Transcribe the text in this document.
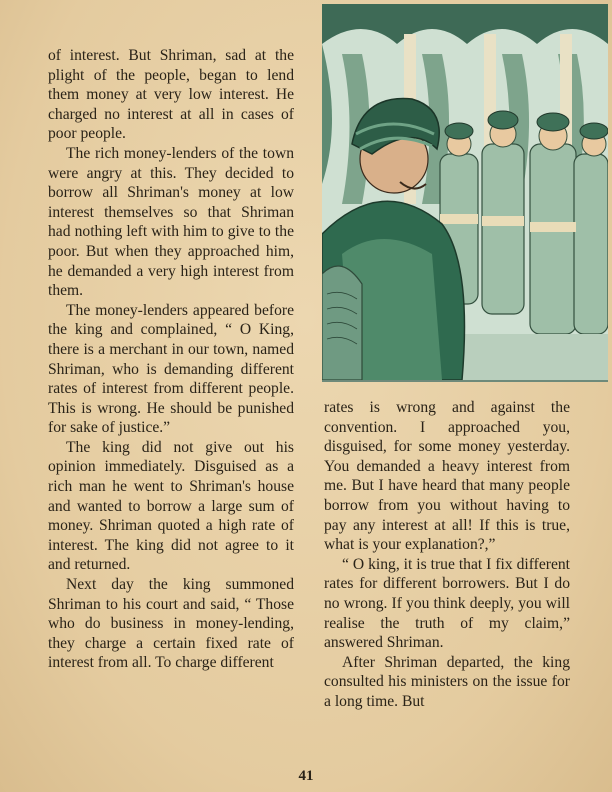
of interest. But Shriman, sad at the plight of the people, began to lend them money at very low interest. He charged no interest at all in cases of poor people.

The rich money-lenders of the town were angry at this. They decided to borrow all Shriman's money at low interest themselves so that Shriman had nothing left with him to give to the poor. But when they approached him, he demanded a very high interest from them.

The money-lenders appeared before the king and complained, “ O King, there is a merchant in our town, named Shriman, who is demanding different rates of interest from different people. This is wrong. He should be punished for sake of justice.”

The king did not give out his opinion immediately. Disguised as a rich man he went to Shriman's house and wanted to borrow a large sum of money. Shriman quoted a high rate of interest. The king did not agree to it and returned.

Next day the king summoned Shriman to his court and said, “ Those who do business in money-lending, they charge a certain fixed rate of interest from all. To charge different

rates is wrong and against the convention. I approached you, disguised, for some money yesterday. You demanded a heavy interest from me. But I have heard that many people borrow from you without having to pay any interest at all! If this is true, what is your explanation?,”

“ O king, it is true that I fix different rates for different borrowers. But I do no wrong. If you think deeply, you will realise the truth of my claim,” answered Shriman.

After Shriman departed, the king consulted his ministers on the issue for a long time. But

41
